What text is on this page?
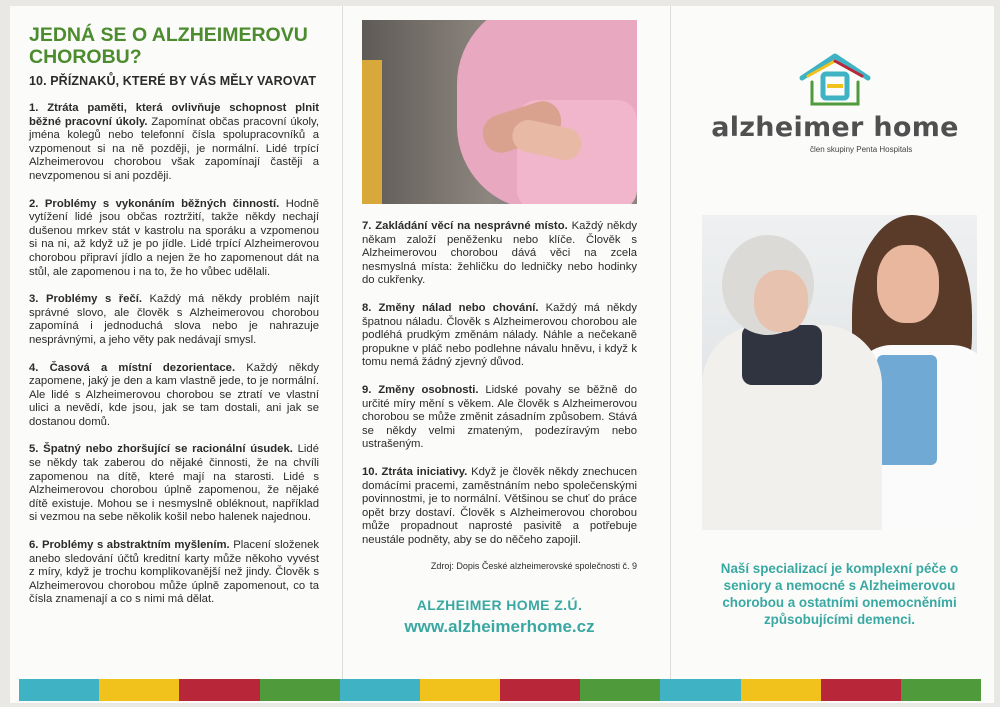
JEDNÁ SE O ALZHEIMEROVU CHOROBU?
10. PŘÍZNAKŮ, KTERÉ BY VÁS MĚLY VAROVAT

1. Ztráta paměti, která ovlivňuje schopnost plnit běžné pracovní úkoly. Zapomínat občas pracovní úkoly, jména kolegů nebo telefonní čísla spolupracovníků a vzpomenout si na ně později, je normální. Lidé trpící Alzheimerovou chorobou však zapomínají častěji a nevzpomenou si ani později.

2. Problémy s vykonáním běžných činností. Hodně vytížení lidé jsou občas roztržití, takže někdy nechají dušenou mrkev stát v kastrolu na sporáku a vzpomenou si na ni, až když už je po jídle. Lidé trpící Alzheimerovou chorobou připraví jídlo a nejen že ho zapomenout dát na stůl, ale zapomenou i na to, že ho vůbec udělali.

3. Problémy s řečí. Každý má někdy problém najít správné slovo, ale člověk s Alzheimerovou chorobou zapomíná i jednoduchá slova nebo je nahrazuje nesprávnými, a jeho věty pak nedávají smysl.

4. Časová a místní dezorientace. Každý někdy zapomene, jaký je den a kam vlastně jede, to je normální. Ale lidé s Alzheimerovou chorobou se ztratí ve vlastní ulici a nevědí, kde jsou, jak se tam dostali, ani jak se dostanou domů.

5. Špatný nebo zhoršující se racionální úsudek. Lidé se někdy tak zaberou do nějaké činnosti, že na chvíli zapomenou na dítě, které mají na starosti. Lidé s Alzheimerovou chorobou úplně zapomenou, že nějaké dítě existuje. Mohou se i nesmyslně obléknout, například si vezmou na sebe několik košil nebo halenek najednou.

6. Problémy s abstraktním myšlením. Placení složenek anebo sledování účtů kreditní karty může někoho vyvést z míry, když je trochu komplikovanější než jindy. Člověk s Alzheimerovou chorobou může úplně zapomenout, co ta čísla znamenají a co s nimi má dělat.

7. Zakládání věcí na nesprávné místo. Každý někdy někam založí peněženku nebo klíče. Člověk s Alzheimerovou chorobou dává věci na zcela nesmyslná místa: žehličku do ledničky nebo hodinky do cukřenky.

8. Změny nálad nebo chování. Každý má někdy špatnou náladu. Člověk s Alzheimerovou chorobou ale podléhá prudkým změnám nálady. Náhle a nečekaně propukne v pláč nebo podlehne návalu hněvu, i když k tomu nemá žádný zjevný důvod.

9. Změny osobnosti. Lidské povahy se běžně do určité míry mění s věkem. Ale člověk s Alzheimerovou chorobou se může změnit zásadním způsobem. Stává se někdy velmi zmateným, podezíravým nebo ustrašeným.

10. Ztráta iniciativy. Když je člověk někdy znechucen domácími pracemi, zaměstnáním nebo společenskými povinnostmi, je to normální. Většinou se chuť do práce opět brzy dostaví. Člověk s Alzheimerovou chorobou může propadnout naprosté pasivitě a potřebuje neustále podněty, aby se do něčeho zapojil.

Zdroj: Dopis České alzheimerovské společnosti č. 9
ALZHEIMER HOME Z.Ú.
www.alzheimerhome.cz
alzheimer home
člen skupiny Penta Hospitals
Naší specializací je komplexní péče o seniory a nemocné s Alzheimerovou chorobou a ostatními onemocněními způsobujícími demenci.
